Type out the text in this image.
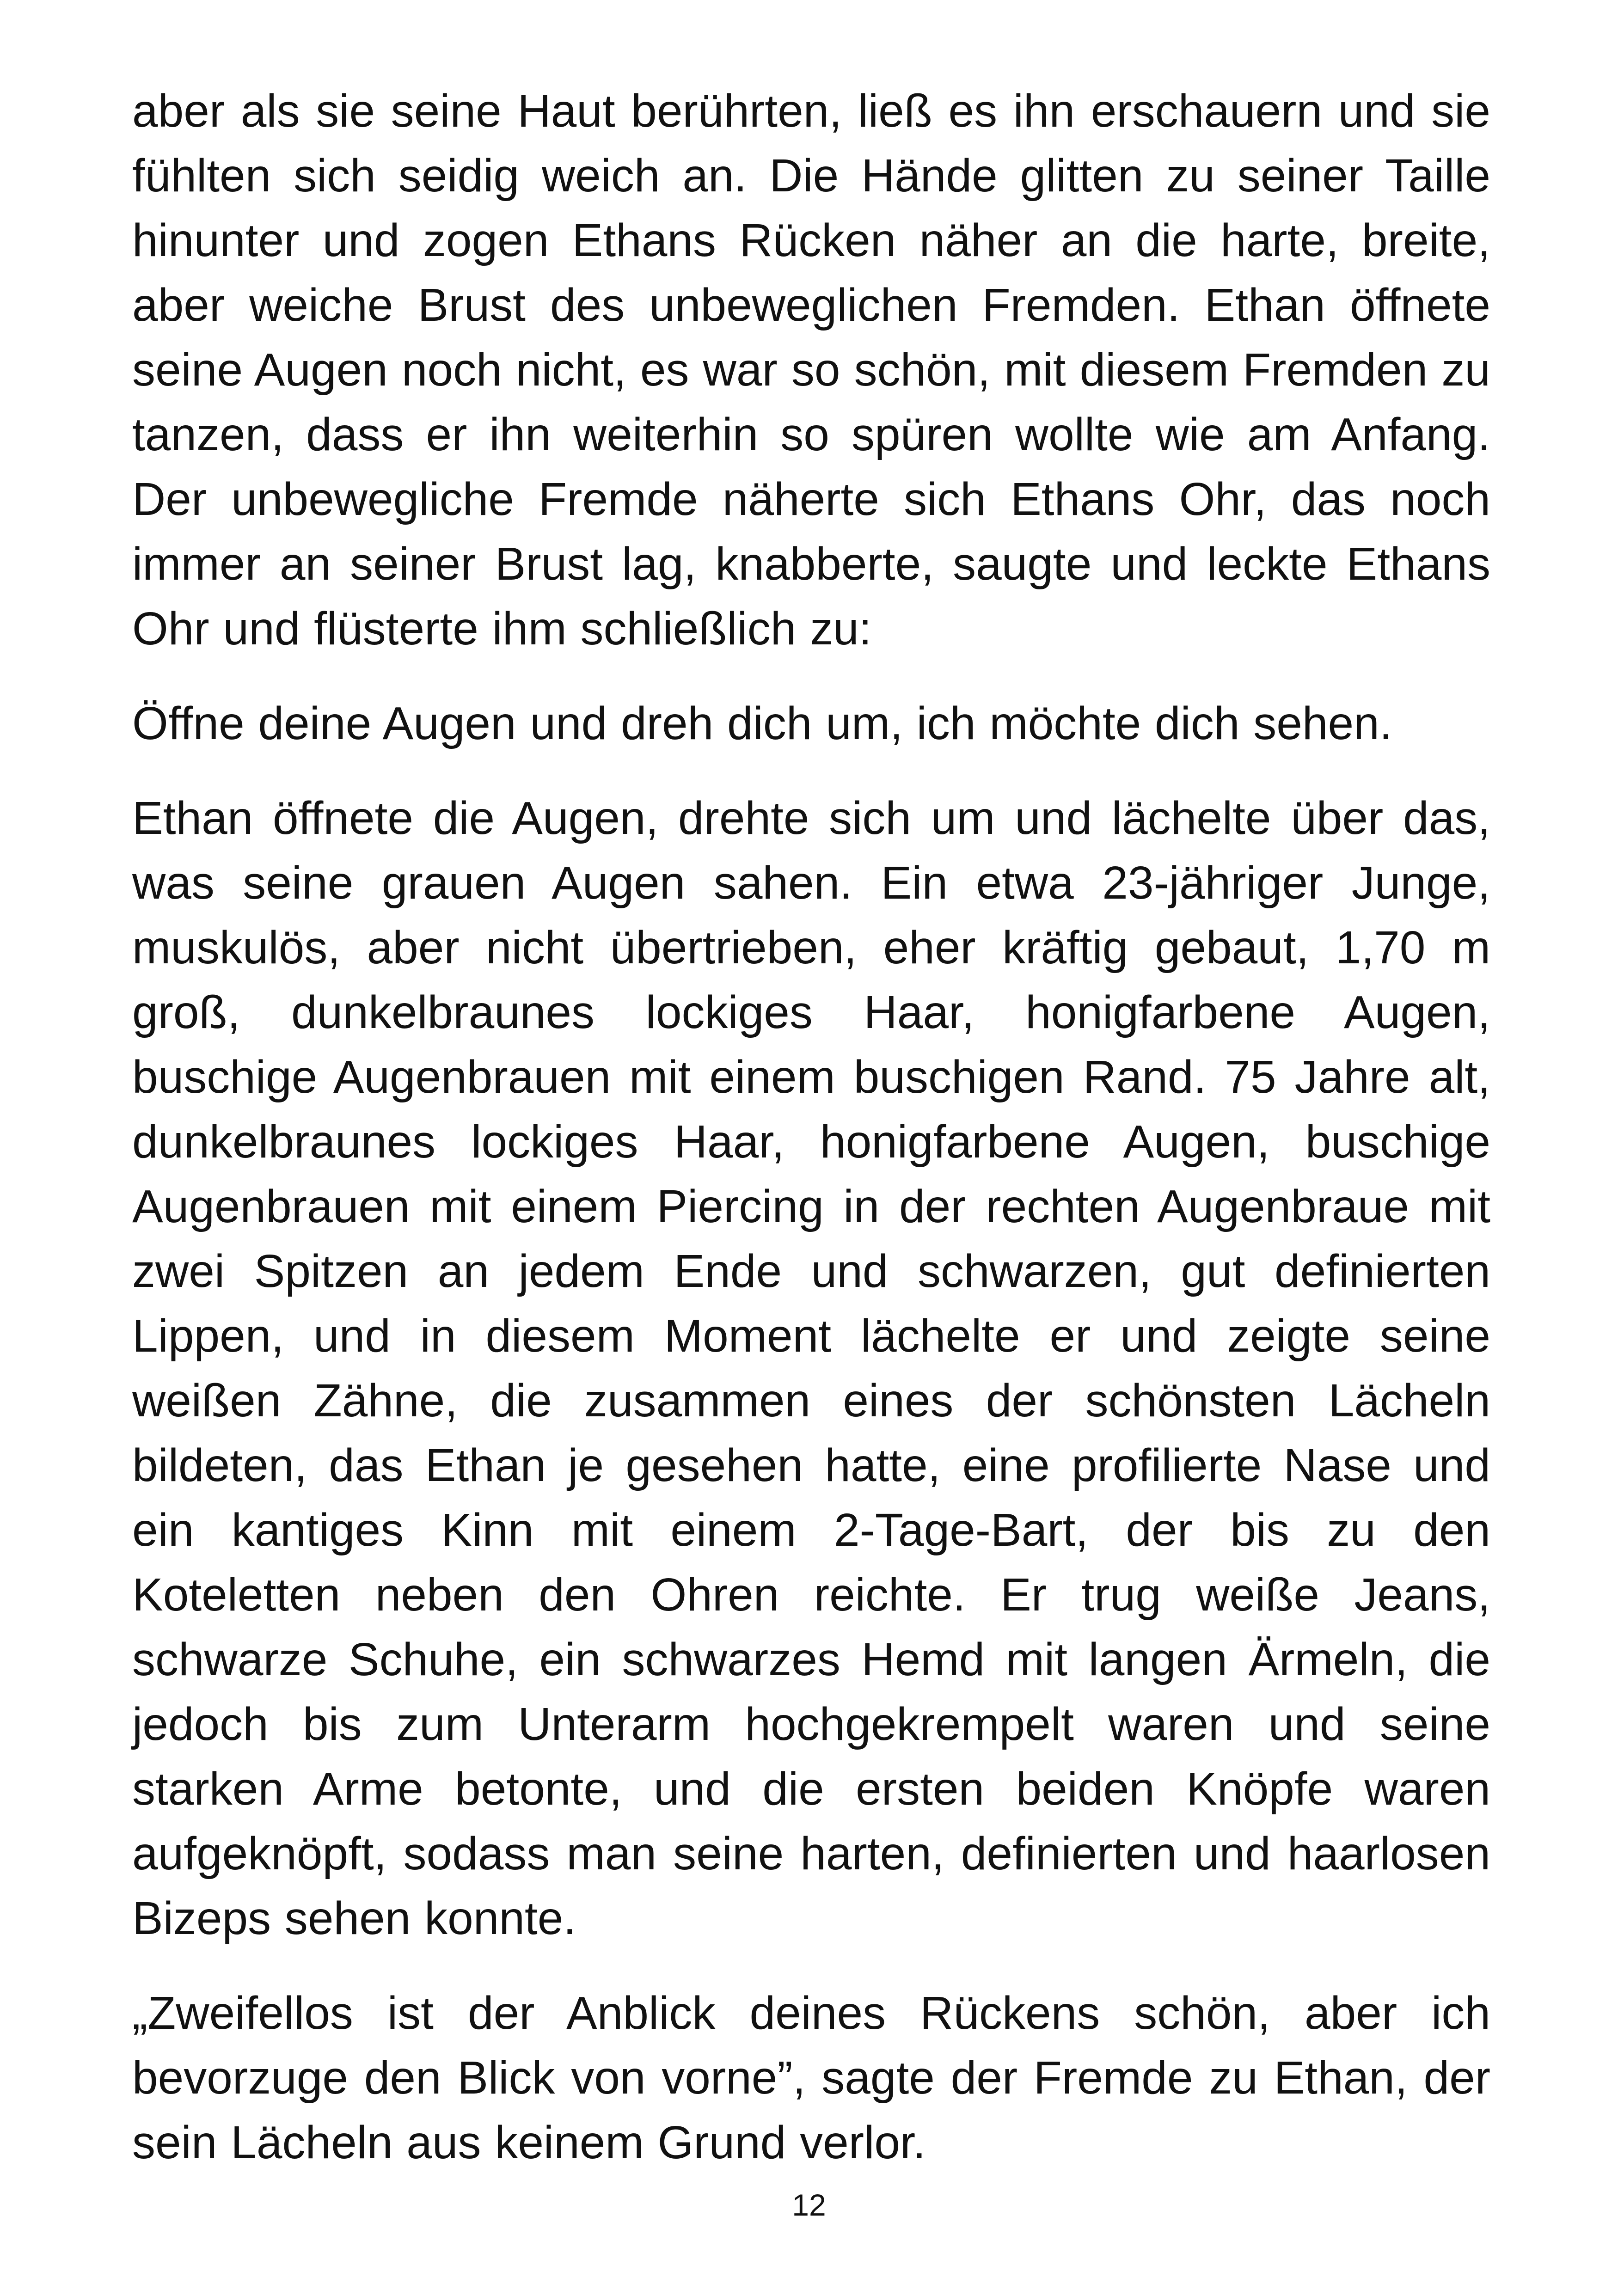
aber als sie seine Haut berührten, ließ es ihn erschauern und sie fühlten sich seidig weich an. Die Hände glitten zu seiner Taille hinunter und zogen Ethans Rücken näher an die harte, breite, aber weiche Brust des unbeweglichen Fremden. Ethan öffnete seine Augen noch nicht, es war so schön, mit diesem Fremden zu tanzen, dass er ihn weiterhin so spüren wollte wie am Anfang. Der unbewegliche Fremde näherte sich Ethans Ohr, das noch immer an seiner Brust lag, knabberte, saugte und leckte Ethans Ohr und flüsterte ihm schließlich zu:

Öffne deine Augen und dreh dich um, ich möchte dich sehen.

Ethan öffnete die Augen, drehte sich um und lächelte über das, was seine grauen Augen sahen. Ein etwa 23-jähriger Junge, muskulös, aber nicht übertrieben, eher kräftig gebaut, 1,70 m groß, dunkelbraunes lockiges Haar, honigfarbene Augen, buschige Augenbrauen mit einem buschigen Rand. 75 Jahre alt, dunkelbraunes lockiges Haar, honigfarbene Augen, buschige Augenbrauen mit einem Piercing in der rechten Augenbraue mit zwei Spitzen an jedem Ende und schwarzen, gut definierten Lippen, und in diesem Moment lächelte er und zeigte seine weißen Zähne, die zusammen eines der schönsten Lächeln bildeten, das Ethan je gesehen hatte, eine profilierte Nase und ein kantiges Kinn mit einem 2-Tage-Bart, der bis zu den Koteletten neben den Ohren reichte. Er trug weiße Jeans, schwarze Schuhe, ein schwarzes Hemd mit langen Ärmeln, die jedoch bis zum Unterarm hochgekrempelt waren und seine starken Arme betonte, und die ersten beiden Knöpfe waren aufgeknöpft, sodass man seine harten, definierten und haarlosen Bizeps sehen konnte.

„Zweifellos ist der Anblick deines Rückens schön, aber ich bevorzuge den Blick von vorne”, sagte der Fremde zu Ethan, der sein Lächeln aus keinem Grund verlor.

12
